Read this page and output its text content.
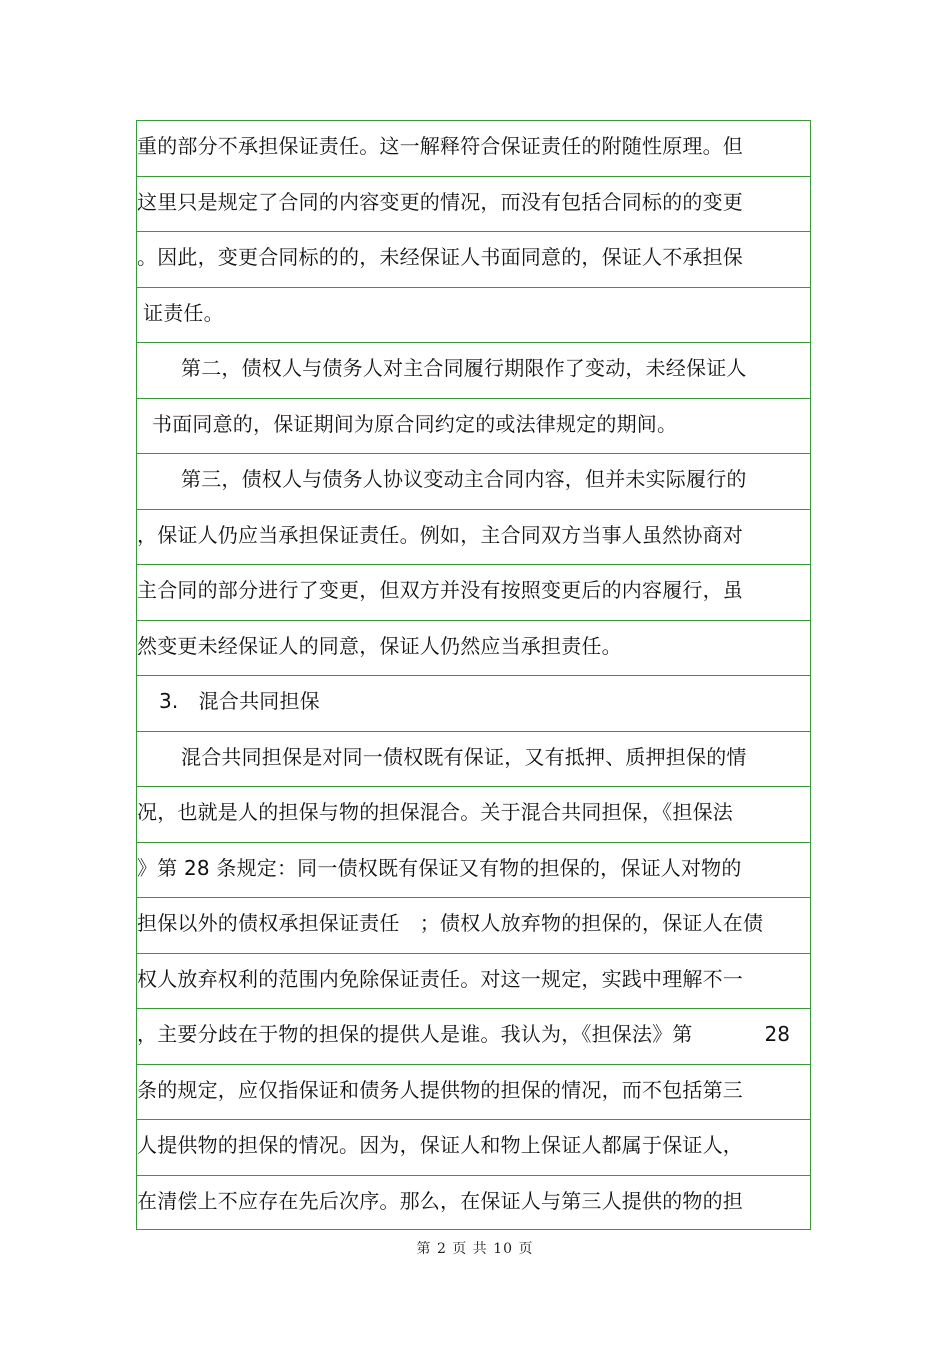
重的部分不承担保证责任。这一解释符合保证责任的附随性原理。但
这里只是规定了合同的内容变更的情况，而没有包括合同标的的变更
。因此，变更合同标的的，未经保证人书面同意的，保证人不承担保
证责任。
第二，债权人与债务人对主合同履行期限作了变动，未经保证人
书面同意的，保证期间为原合同约定的或法律规定的期间。
第三，债权人与债务人协议变动主合同内容，但并未实际履行的
，保证人仍应当承担保证责任。例如，主合同双方当事人虽然协商对
主合同的部分进行了变更，但双方并没有按照变更后的内容履行，虽
然变更未经保证人的同意，保证人仍然应当承担责任。
3.　混合共同担保
混合共同担保是对同一债权既有保证，又有抵押、质押担保的情
况，也就是人的担保与物的担保混合。关于混合共同担保，《担保法
》第 28 条规定：同一债权既有保证又有物的担保的，保证人对物的
担保以外的债权承担保证责任　；债权人放弃物的担保的，保证人在债
权人放弃权利的范围内免除保证责任。对这一规定，实践中理解不一
，主要分歧在于物的担保的提供人是谁。我认为，《担保法》第	28
条的规定，应仅指保证和债务人提供物的担保的情况，而不包括第三
人提供物的担保的情况。因为，保证人和物上保证人都属于保证人，
在清偿上不应存在先后次序。那么，在保证人与第三人提供的物的担
第 2 页 共 10 页
